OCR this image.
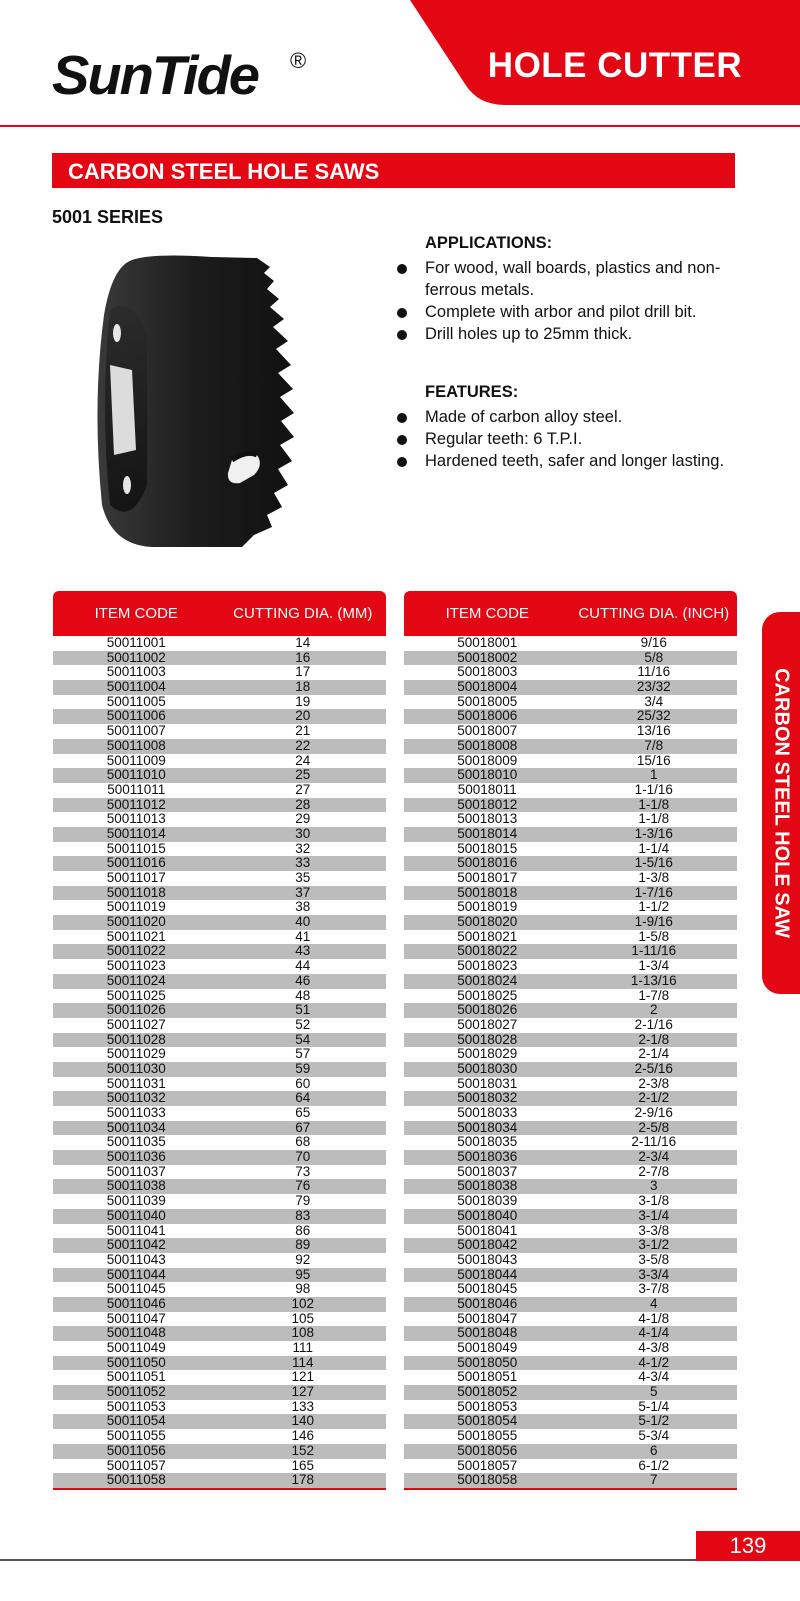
HOLE CUTTER
SunTide ®
CARBON STEEL HOLE SAWS
5001 SERIES
APPLICATIONS:
For wood, wall boards, plastics and non-ferrous metals.
Complete with arbor and pilot drill bit.
Drill holes up to 25mm thick.
FEATURES:
Made of carbon alloy steel.
Regular teeth: 6 T.P.I.
Hardened teeth, safer and longer lasting.
ITEM CODE	CUTTING DIA. (MM)
50011001	14
50011002	16
50011003	17
50011004	18
50011005	19
50011006	20
50011007	21
50011008	22
50011009	24
50011010	25
50011011	27
50011012	28
50011013	29
50011014	30
50011015	32
50011016	33
50011017	35
50011018	37
50011019	38
50011020	40
50011021	41
50011022	43
50011023	44
50011024	46
50011025	48
50011026	51
50011027	52
50011028	54
50011029	57
50011030	59
50011031	60
50011032	64
50011033	65
50011034	67
50011035	68
50011036	70
50011037	73
50011038	76
50011039	79
50011040	83
50011041	86
50011042	89
50011043	92
50011044	95
50011045	98
50011046	102
50011047	105
50011048	108
50011049	111
50011050	114
50011051	121
50011052	127
50011053	133
50011054	140
50011055	146
50011056	152
50011057	165
50011058	178
ITEM CODE	CUTTING DIA. (INCH)
50018001	9/16
50018002	5/8
50018003	11/16
50018004	23/32
50018005	3/4
50018006	25/32
50018007	13/16
50018008	7/8
50018009	15/16
50018010	1
50018011	1-1/16
50018012	1-1/8
50018013	1-1/8
50018014	1-3/16
50018015	1-1/4
50018016	1-5/16
50018017	1-3/8
50018018	1-7/16
50018019	1-1/2
50018020	1-9/16
50018021	1-5/8
50018022	1-11/16
50018023	1-3/4
50018024	1-13/16
50018025	1-7/8
50018026	2
50018027	2-1/16
50018028	2-1/8
50018029	2-1/4
50018030	2-5/16
50018031	2-3/8
50018032	2-1/2
50018033	2-9/16
50018034	2-5/8
50018035	2-11/16
50018036	2-3/4
50018037	2-7/8
50018038	3
50018039	3-1/8
50018040	3-1/4
50018041	3-3/8
50018042	3-1/2
50018043	3-5/8
50018044	3-3/4
50018045	3-7/8
50018046	4
50018047	4-1/8
50018048	4-1/4
50018049	4-3/8
50018050	4-1/2
50018051	4-3/4
50018052	5
50018053	5-1/4
50018054	5-1/2
50018055	5-3/4
50018056	6
50018057	6-1/2
50018058	7
CARBON STEEL HOLE SAW
139
